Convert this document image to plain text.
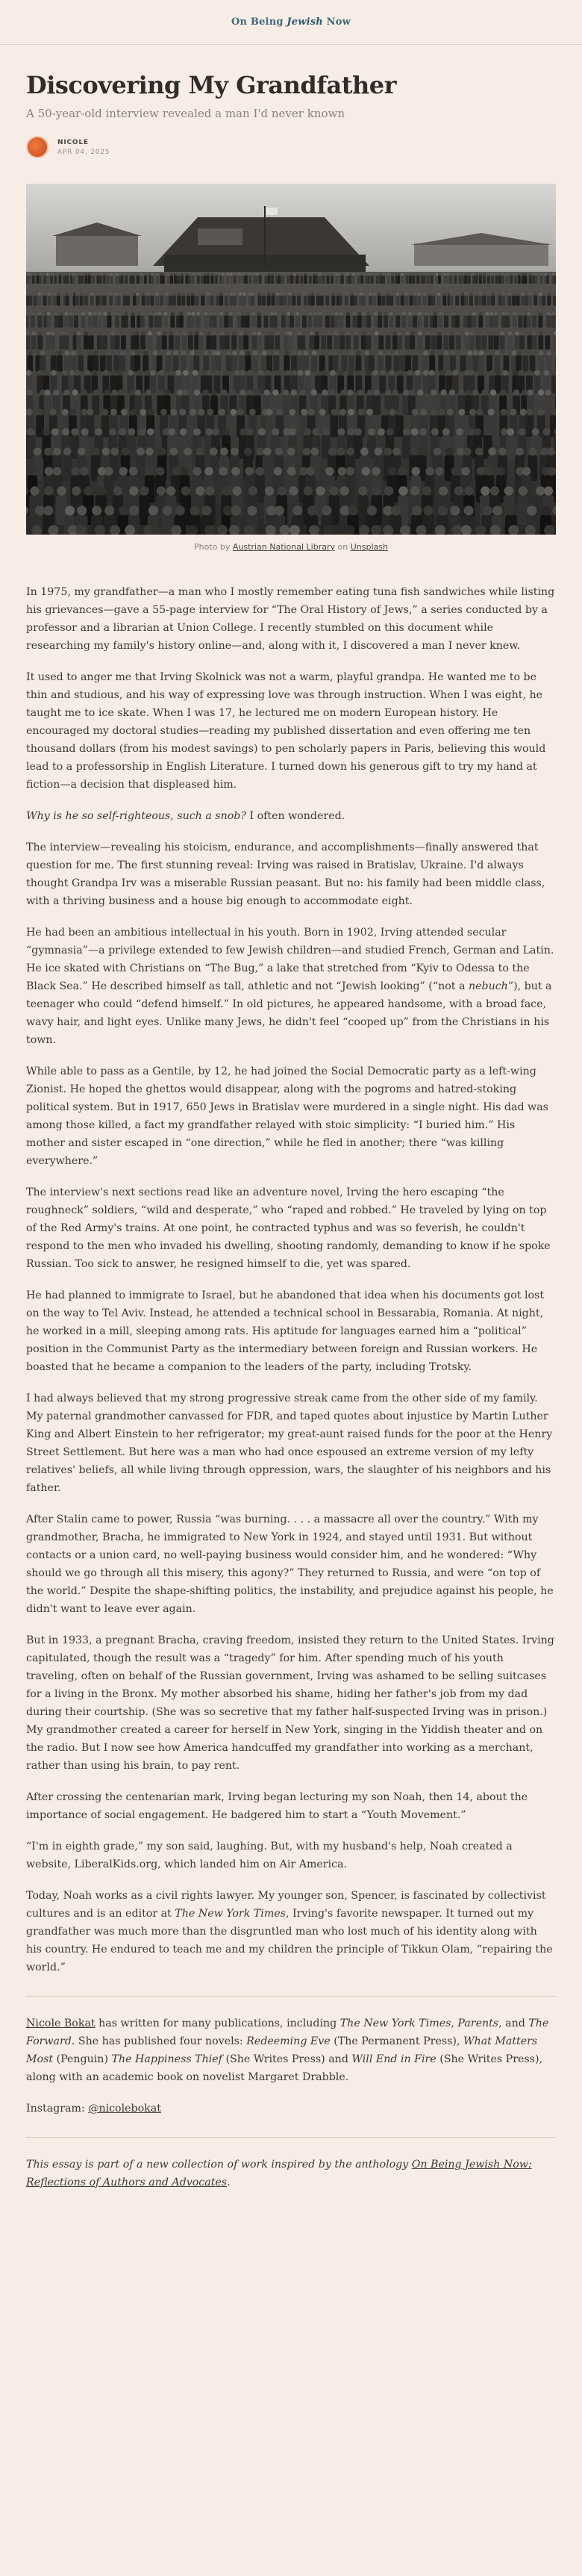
On Being Jewish Now
Discovering My Grandfather
A 50-year-old interview revealed a man I'd never known
NICOLE
APR 04, 2025
Photo by Austrian National Library on Unsplash

In 1975, my grandfather—a man who I mostly remember eating tuna fish sandwiches while listing his grievances—gave a 55-page interview for “The Oral History of Jews,” a series conducted by a professor and a librarian at Union College. I recently stumbled on this document while researching my family's history online—and, along with it, I discovered a man I never knew.

It used to anger me that Irving Skolnick was not a warm, playful grandpa. He wanted me to be thin and studious, and his way of expressing love was through instruction. When I was eight, he taught me to ice skate. When I was 17, he lectured me on modern European history. He encouraged my doctoral studies—reading my published dissertation and even offering me ten thousand dollars (from his modest savings) to pen scholarly papers in Paris, believing this would lead to a professorship in English Literature. I turned down his generous gift to try my hand at fiction—a decision that displeased him.

Why is he so self-righteous, such a snob? I often wondered.

The interview—revealing his stoicism, endurance, and accomplishments—finally answered that question for me. The first stunning reveal: Irving was raised in Bratislav, Ukraine. I'd always thought Grandpa Irv was a miserable Russian peasant. But no: his family had been middle class, with a thriving business and a house big enough to accommodate eight.

He had been an ambitious intellectual in his youth. Born in 1902, Irving attended secular “gymnasia”—a privilege extended to few Jewish children—and studied French, German and Latin. He ice skated with Christians on “The Bug,” a lake that stretched from “Kyiv to Odessa to the Black Sea.” He described himself as tall, athletic and not “Jewish looking” (“not a nebuch”), but a teenager who could “defend himself.” In old pictures, he appeared handsome, with a broad face, wavy hair, and light eyes. Unlike many Jews, he didn't feel “cooped up” from the Christians in his town.

While able to pass as a Gentile, by 12, he had joined the Social Democratic party as a left-wing Zionist. He hoped the ghettos would disappear, along with the pogroms and hatred-stoking political system. But in 1917, 650 Jews in Bratislav were murdered in a single night. His dad was among those killed, a fact my grandfather relayed with stoic simplicity: “I buried him.” His mother and sister escaped in “one direction,” while he fled in another; there “was killing everywhere.”

The interview's next sections read like an adventure novel, Irving the hero escaping “the roughneck” soldiers, “wild and desperate,” who “raped and robbed.” He traveled by lying on top of the Red Army's trains. At one point, he contracted typhus and was so feverish, he couldn't respond to the men who invaded his dwelling, shooting randomly, demanding to know if he spoke Russian. Too sick to answer, he resigned himself to die, yet was spared.

He had planned to immigrate to Israel, but he abandoned that idea when his documents got lost on the way to Tel Aviv. Instead, he attended a technical school in Bessarabia, Romania. At night, he worked in a mill, sleeping among rats. His aptitude for languages earned him a “political” position in the Communist Party as the intermediary between foreign and Russian workers. He boasted that he became a companion to the leaders of the party, including Trotsky.

I had always believed that my strong progressive streak came from the other side of my family. My paternal grandmother canvassed for FDR, and taped quotes about injustice by Martin Luther King and Albert Einstein to her refrigerator; my great-aunt raised funds for the poor at the Henry Street Settlement. But here was a man who had once espoused an extreme version of my lefty relatives' beliefs, all while living through oppression, wars, the slaughter of his neighbors and his father.

After Stalin came to power, Russia “was burning. . . . a massacre all over the country.” With my grandmother, Bracha, he immigrated to New York in 1924, and stayed until 1931. But without contacts or a union card, no well-paying business would consider him, and he wondered: “Why should we go through all this misery, this agony?” They returned to Russia, and were “on top of the world.” Despite the shape-shifting politics, the instability, and prejudice against his people, he didn't want to leave ever again.

But in 1933, a pregnant Bracha, craving freedom, insisted they return to the United States. Irving capitulated, though the result was a “tragedy” for him. After spending much of his youth traveling, often on behalf of the Russian government, Irving was ashamed to be selling suitcases for a living in the Bronx. My mother absorbed his shame, hiding her father's job from my dad during their courtship. (She was so secretive that my father half-suspected Irving was in prison.) My grandmother created a career for herself in New York, singing in the Yiddish theater and on the radio. But I now see how America handcuffed my grandfather into working as a merchant, rather than using his brain, to pay rent.

After crossing the centenarian mark, Irving began lecturing my son Noah, then 14, about the importance of social engagement. He badgered him to start a “Youth Movement.”

“I'm in eighth grade,” my son said, laughing. But, with my husband's help, Noah created a website, LiberalKids.org, which landed him on Air America.

Today, Noah works as a civil rights lawyer. My younger son, Spencer, is fascinated by collectivist cultures and is an editor at The New York Times, Irving's favorite newspaper. It turned out my grandfather was much more than the disgruntled man who lost much of his identity along with his country. He endured to teach me and my children the principle of Tikkun Olam, “repairing the world.”

Nicole Bokat has written for many publications, including The New York Times, Parents, and The Forward. She has published four novels: Redeeming Eve (The Permanent Press), What Matters Most (Penguin) The Happiness Thief (She Writes Press) and Will End in Fire (She Writes Press), along with an academic book on novelist Margaret Drabble.

Instagram: @nicolebokat

This essay is part of a new collection of work inspired by the anthology On Being Jewish Now: Reflections of Authors and Advocates.
